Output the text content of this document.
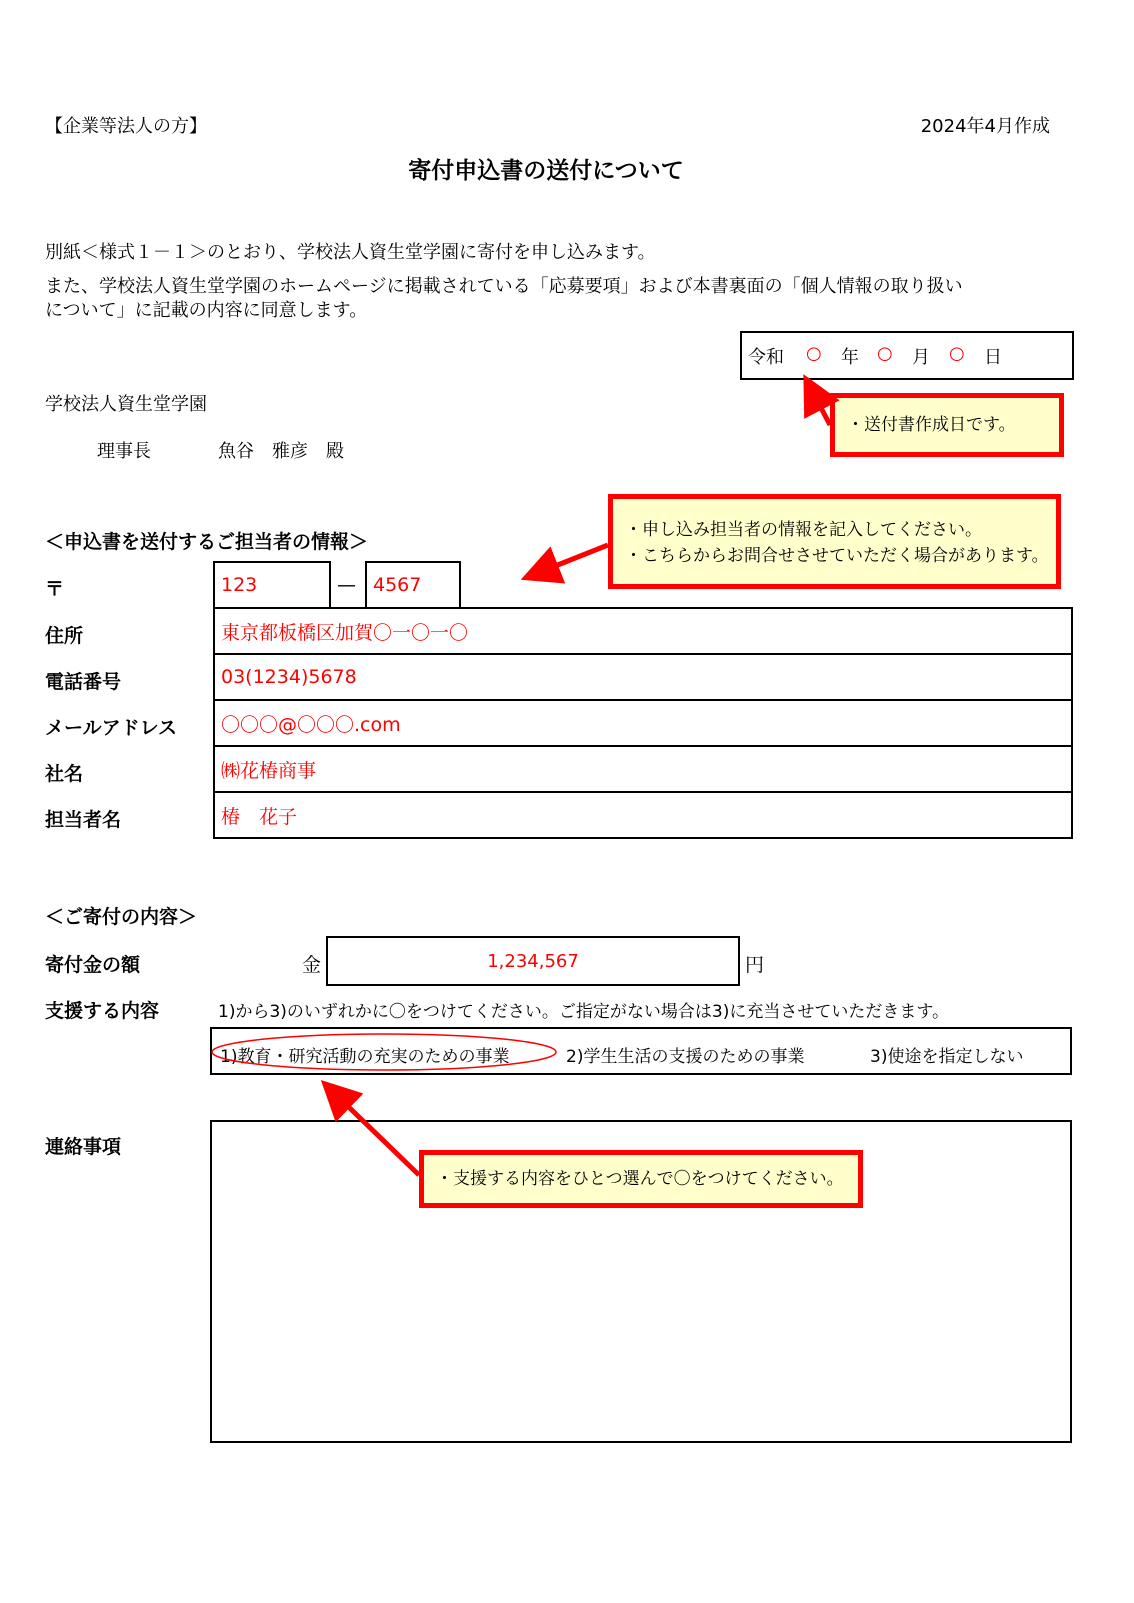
【企業等法人の方】	2024年4月作成
寄付申込書の送付について
別紙＜様式１－１＞のとおり、学校法人資生堂学園に寄付を申し込みます。
また、学校法人資生堂学園のホームページに掲載されている「応募要項」および本書裏面の「個人情報の取り扱い
について」に記載の内容に同意します。
令和 ○ 年 ○ 月 ○ 日
学校法人資生堂学園
理事長	魚谷　雅彦　殿
・送付書作成日です。
・申し込み担当者の情報を記入してください。
・こちらからお問合せさせていただく場合があります。
＜申込書を送付するご担当者の情報＞
〒	123	— 4567
住所	東京都板橋区加賀〇一〇一〇
電話番号	03(1234)5678
メールアドレス 〇〇〇@〇〇〇.com
社名	㈱花椿商事
担当者名	椿　花子
＜ご寄付の内容＞
寄付金の額	金	1,234,567	円
支援する内容	1)から3)のいずれかに〇をつけてください。ご指定がない場合は3)に充当させていただきます。
1)教育・研究活動の充実のための事業	2)学生生活の支援のための事業	3)使途を指定しない
連絡事項
・支援する内容をひとつ選んで〇をつけてください。
